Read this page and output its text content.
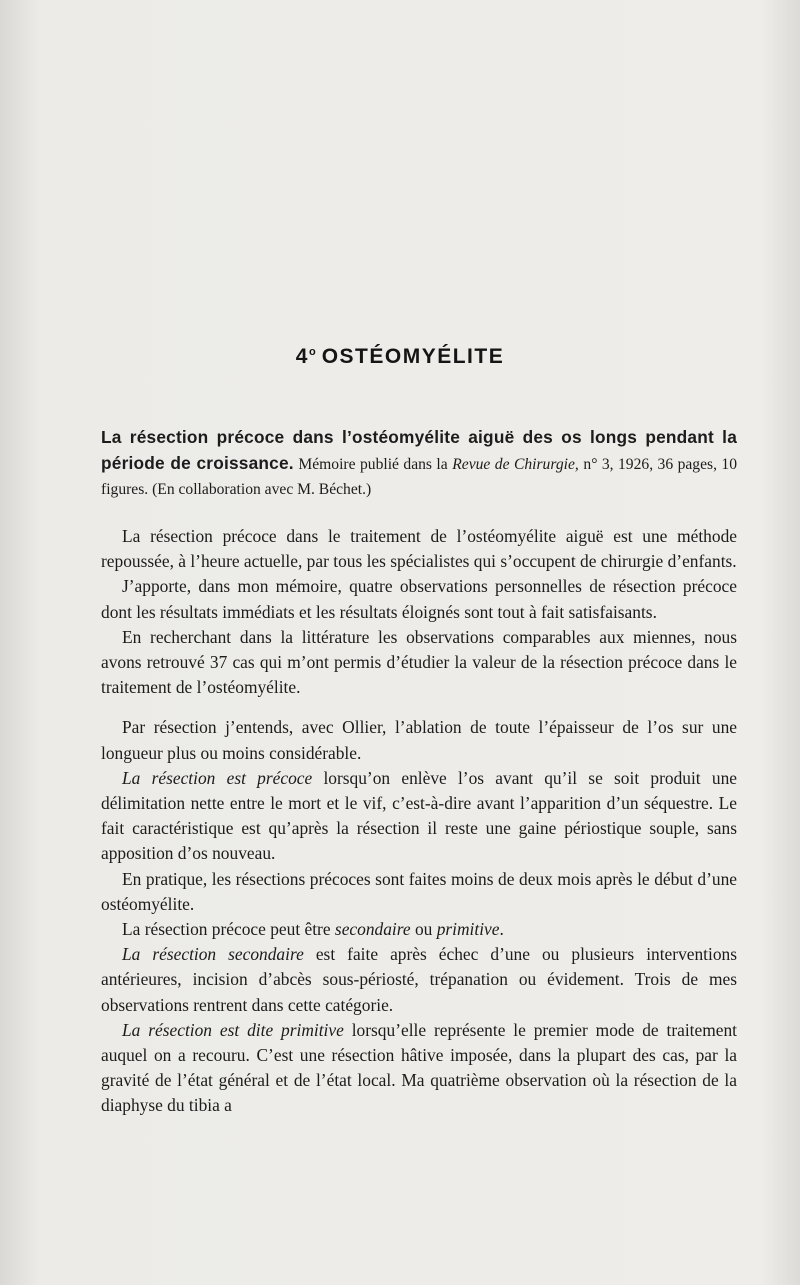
4$^o$ OSTÉOMYÉLITE

La résection précoce dans l’ostéomyélite aiguë des os longs pendant la période de croissance. Mémoire publié dans la Revue de Chirurgie, n° 3, 1926, 36 pages, 10 figures. (En collaboration avec M. Béchet.)

La résection précoce dans le traitement de l’ostéomyélite aiguë est une méthode repoussée, à l’heure actuelle, par tous les spécialistes qui s’occupent de chirurgie d’enfants.

J’apporte, dans mon mémoire, quatre observations personnelles de résection précoce dont les résultats immédiats et les résultats éloignés sont tout à fait satisfaisants.

En recherchant dans la littérature les observations comparables aux miennes, nous avons retrouvé 37 cas qui m’ont permis d’étudier la valeur de la résection précoce dans le traitement de l’ostéomyélite.

Par résection j’entends, avec Ollier, l’ablation de toute l’épaisseur de l’os sur une longueur plus ou moins considérable.

La résection est précoce lorsqu’on enlève l’os avant qu’il se soit produit une délimitation nette entre le mort et le vif, c’est-à-dire avant l’apparition d’un séquestre. Le fait caractéristique est qu’après la résection il reste une gaine périostique souple, sans apposition d’os nouveau.

En pratique, les résections précoces sont faites moins de deux mois après le début d’une ostéomyélite.

La résection précoce peut être secondaire ou primitive.

La résection secondaire est faite après échec d’une ou plusieurs interventions antérieures, incision d’abcès sous-périosté, trépanation ou évidement. Trois de mes observations rentrent dans cette catégorie.

La résection est dite primitive lorsqu’elle représente le premier mode de traitement auquel on a recouru. C’est une résection hâtive imposée, dans la plupart des cas, par la gravité de l’état général et de l’état local. Ma quatrième observation où la résection de la diaphyse du tibia a
